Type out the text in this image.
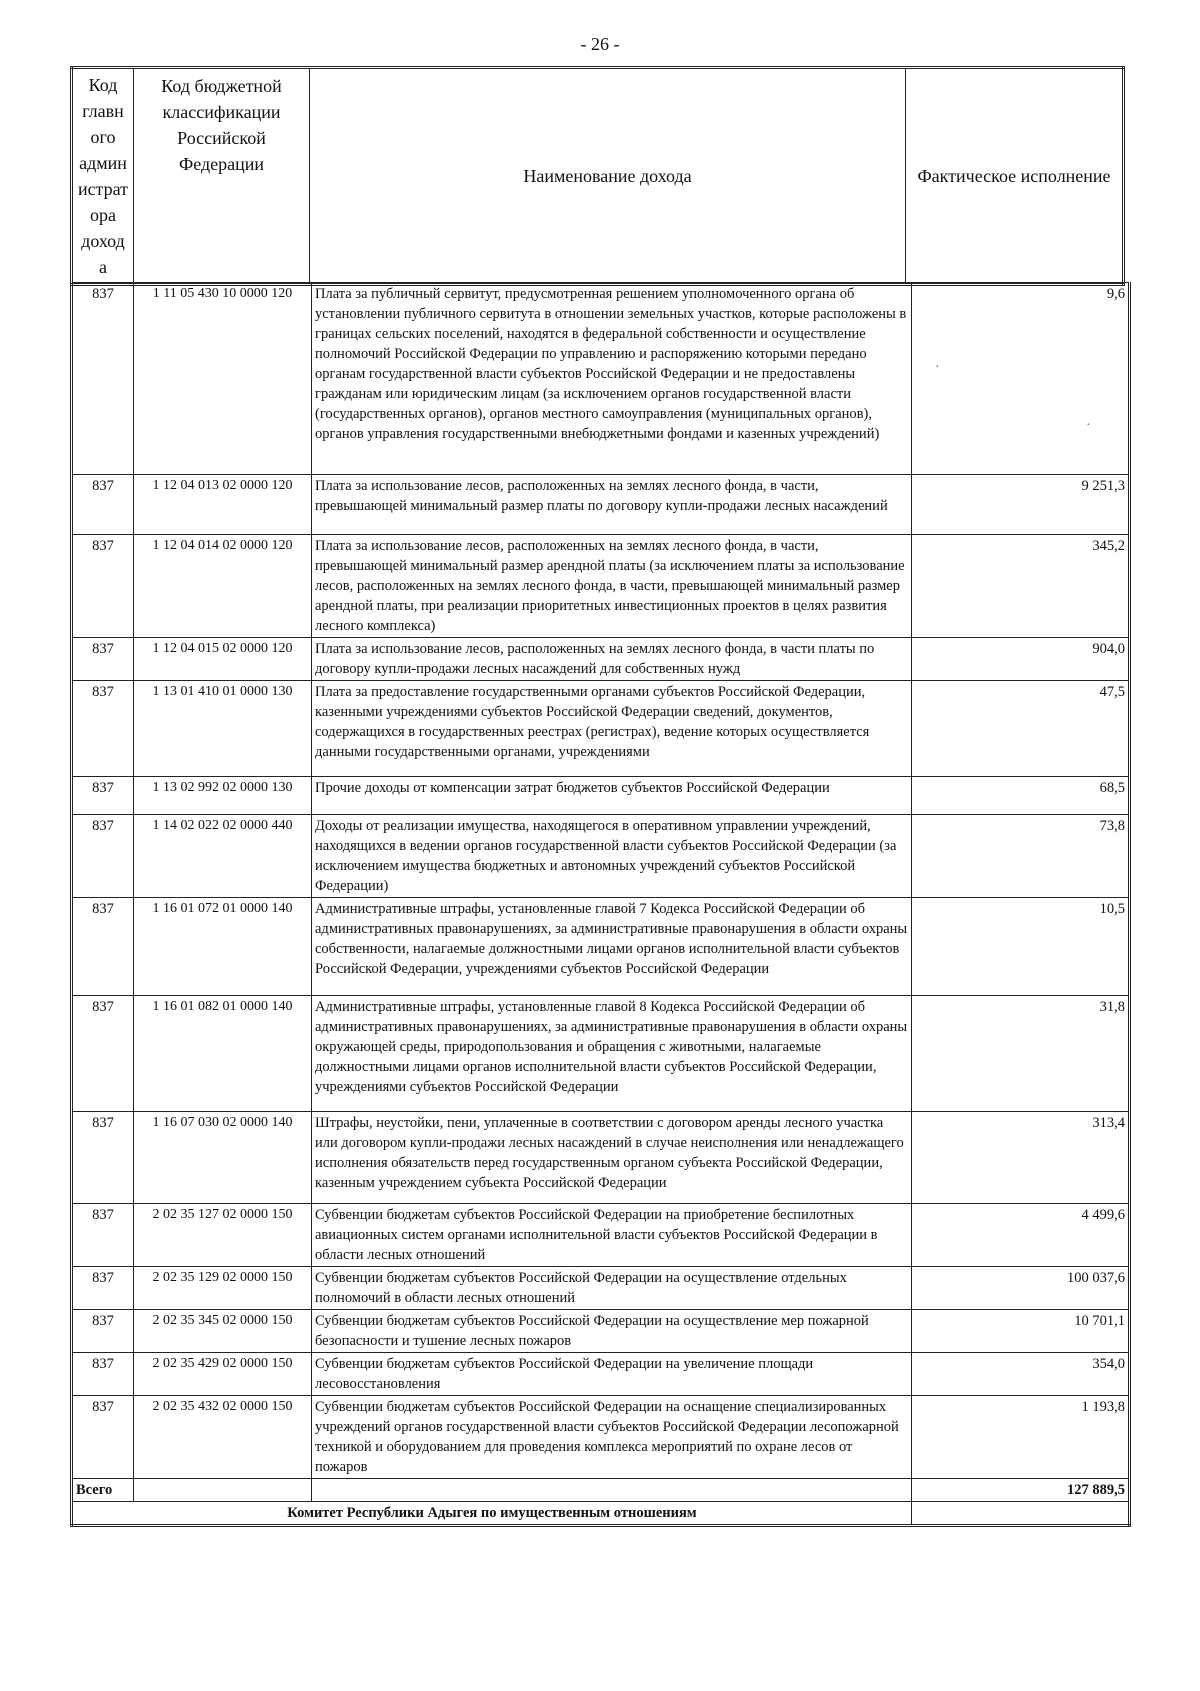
- 26 -
Код главн ого админ истрат ора доход а	Код бюджетной классификации Российской Федерации	Наименование дохода	Фактическое исполнение
837	1 11 05 430 10 0000 120	Плата за публичный сервитут, предусмотренная решением уполномоченного органа об установлении публичного сервитута в отношении земельных участков, которые расположены в границах сельских поселений, находятся в федеральной собственности и осуществление полномочий Российской Федерации по управлению и распоряжению которыми передано органам государственной власти субъектов Российской Федерации и не предоставлены гражданам или юридическим лицам (за исключением органов государственной власти (государственных органов), органов местного самоуправления (муниципальных органов), органов управления государственными внебюджетными фондами и казенных учреждений)	9,6
837	1 12 04 013 02 0000 120	Плата за использование лесов, расположенных на землях лесного фонда, в части, превышающей минимальный размер платы по договору купли-продажи лесных насаждений	9 251,3
837	1 12 04 014 02 0000 120	Плата за использование лесов, расположенных на землях лесного фонда, в части, превышающей минимальный размер арендной платы (за исключением платы за использование лесов, расположенных на землях лесного фонда, в части, превышающей минимальный размер арендной платы, при реализации приоритетных инвестиционных проектов в целях развития лесного комплекса)	345,2
837	1 12 04 015 02 0000 120	Плата за использование лесов, расположенных на землях лесного фонда, в части платы по договору купли-продажи лесных насаждений для собственных нужд	904,0
837	1 13 01 410 01 0000 130	Плата за предоставление государственными органами субъектов Российской Федерации, казенными учреждениями субъектов Российской Федерации сведений, документов, содержащихся в государственных реестрах (регистрах), ведение которых осуществляется данными государственными органами, учреждениями	47,5
837	1 13 02 992 02 0000 130	Прочие доходы от компенсации затрат бюджетов субъектов Российской Федерации	68,5
837	1 14 02 022 02 0000 440	Доходы от реализации имущества, находящегося в оперативном управлении учреждений, находящихся в ведении органов государственной власти субъектов Российской Федерации (за исключением имущества бюджетных и автономных учреждений субъектов Российской Федерации)	73,8
837	1 16 01 072 01 0000 140	Административные штрафы, установленные главой 7 Кодекса Российской Федерации об административных правонарушениях, за административные правонарушения в области охраны собственности, налагаемые должностными лицами органов исполнительной власти субъектов Российской Федерации, учреждениями субъектов Российской Федерации	10,5
837	1 16 01 082 01 0000 140	Административные штрафы, установленные главой 8 Кодекса Российской Федерации об административных правонарушениях, за административные правонарушения в области охраны окружающей среды, природопользования и обращения с животными, налагаемые должностными лицами органов исполнительной власти субъектов Российской Федерации, учреждениями субъектов Российской Федерации	31,8
837	1 16 07 030 02 0000 140	Штрафы, неустойки, пени, уплаченные в соответствии с договором аренды лесного участка или договором купли-продажи лесных насаждений в случае неисполнения или ненадлежащего исполнения обязательств перед государственным органом субъекта Российской Федерации, казенным учреждением субъекта Российской Федерации	313,4
837	2 02 35 127 02 0000 150	Субвенции бюджетам субъектов Российской Федерации на приобретение беспилотных авиационных систем органами исполнительной власти субъектов Российской Федерации в области лесных отношений	4 499,6
837	2 02 35 129 02 0000 150	Субвенции бюджетам субъектов Российской Федерации на осуществление отдельных полномочий в области лесных отношений	100 037,6
837	2 02 35 345 02 0000 150	Субвенции бюджетам субъектов Российской Федерации на осуществление мер пожарной безопасности и тушение лесных пожаров	10 701,1
837	2 02 35 429 02 0000 150	Субвенции бюджетам субъектов Российской Федерации на увеличение площади лесовосстановления	354,0
837	2 02 35 432 02 0000 150	Субвенции бюджетам субъектов Российской Федерации на оснащение специализированных учреждений органов государственной власти субъектов Российской Федерации лесопожарной техникой и оборудованием для проведения комплекса мероприятий по охране лесов от пожаров	1 193,8
Всего			127 889,5
Комитет Республики Адыгея по имущественным отношениям			
·
·
